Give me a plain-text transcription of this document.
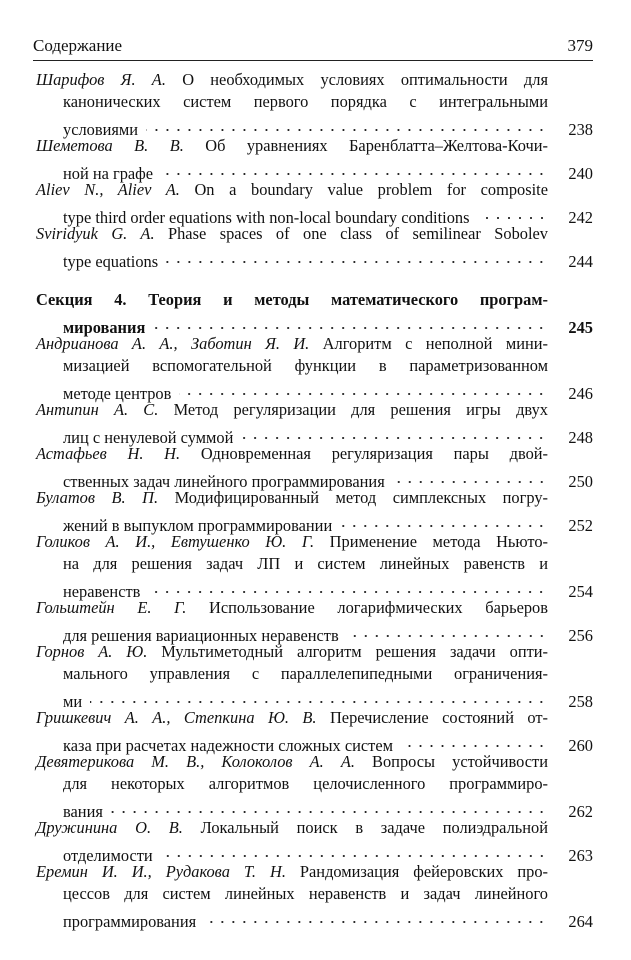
Содержание	379
Шарифов Я. А. О необходимых условиях оптимальности для
канонических систем первого порядка с интегральными
условиями	238
Шеметова В. В. Об уравнениях Баренблатта–Желтова-Кочи-
ной на графе	240
Aliev N., Aliev A. On a boundary value problem for composite
type third order equations with non-local boundary conditions	242
Sviridyuk G. A. Phase spaces of one class of semilinear Sobolev
type equations	244
Секция 4. Теория и методы математического програм-
мирования	245
Андрианова А. А., Заботин Я. И. Алгоритм с неполной мини-
мизацией вспомогательной функции в параметризованном
методе центров	246
Антипин А. С. Метод регуляризации для решения игры двух
лиц с ненулевой суммой	248
Астафьев Н. Н. Одновременная регуляризация пары двой-
ственных задач линейного программирования	250
Булатов В. П. Модифицированный метод симплексных погру-
жений в выпуклом программировании	252
Голиков А. И., Евтушенко Ю. Г. Применение метода Ньюто-
на для решения задач ЛП и систем линейных равенств и
неравенств	254
Гольштейн Е. Г. Использование логарифмических барьеров
для решения вариационных неравенств	256
Горнов А. Ю. Мультиметодный алгоритм решения задачи опти-
мального управления с параллелепипедными ограничения-
ми	258
Гришкевич А. А., Степкина Ю. В. Перечисление состояний от-
каза при расчетах надежности сложных систем	260
Девятерикова М. В., Колоколов А. А. Вопросы устойчивости
для некоторых алгоритмов целочисленного программиро-
вания	262
Дружинина О. В. Локальный поиск в задаче полиэдральной
отделимости	263
Еремин И. И., Рудакова Т. Н. Рандомизация фейеровских про-
цессов для систем линейных неравенств и задач линейного
программирования	264
